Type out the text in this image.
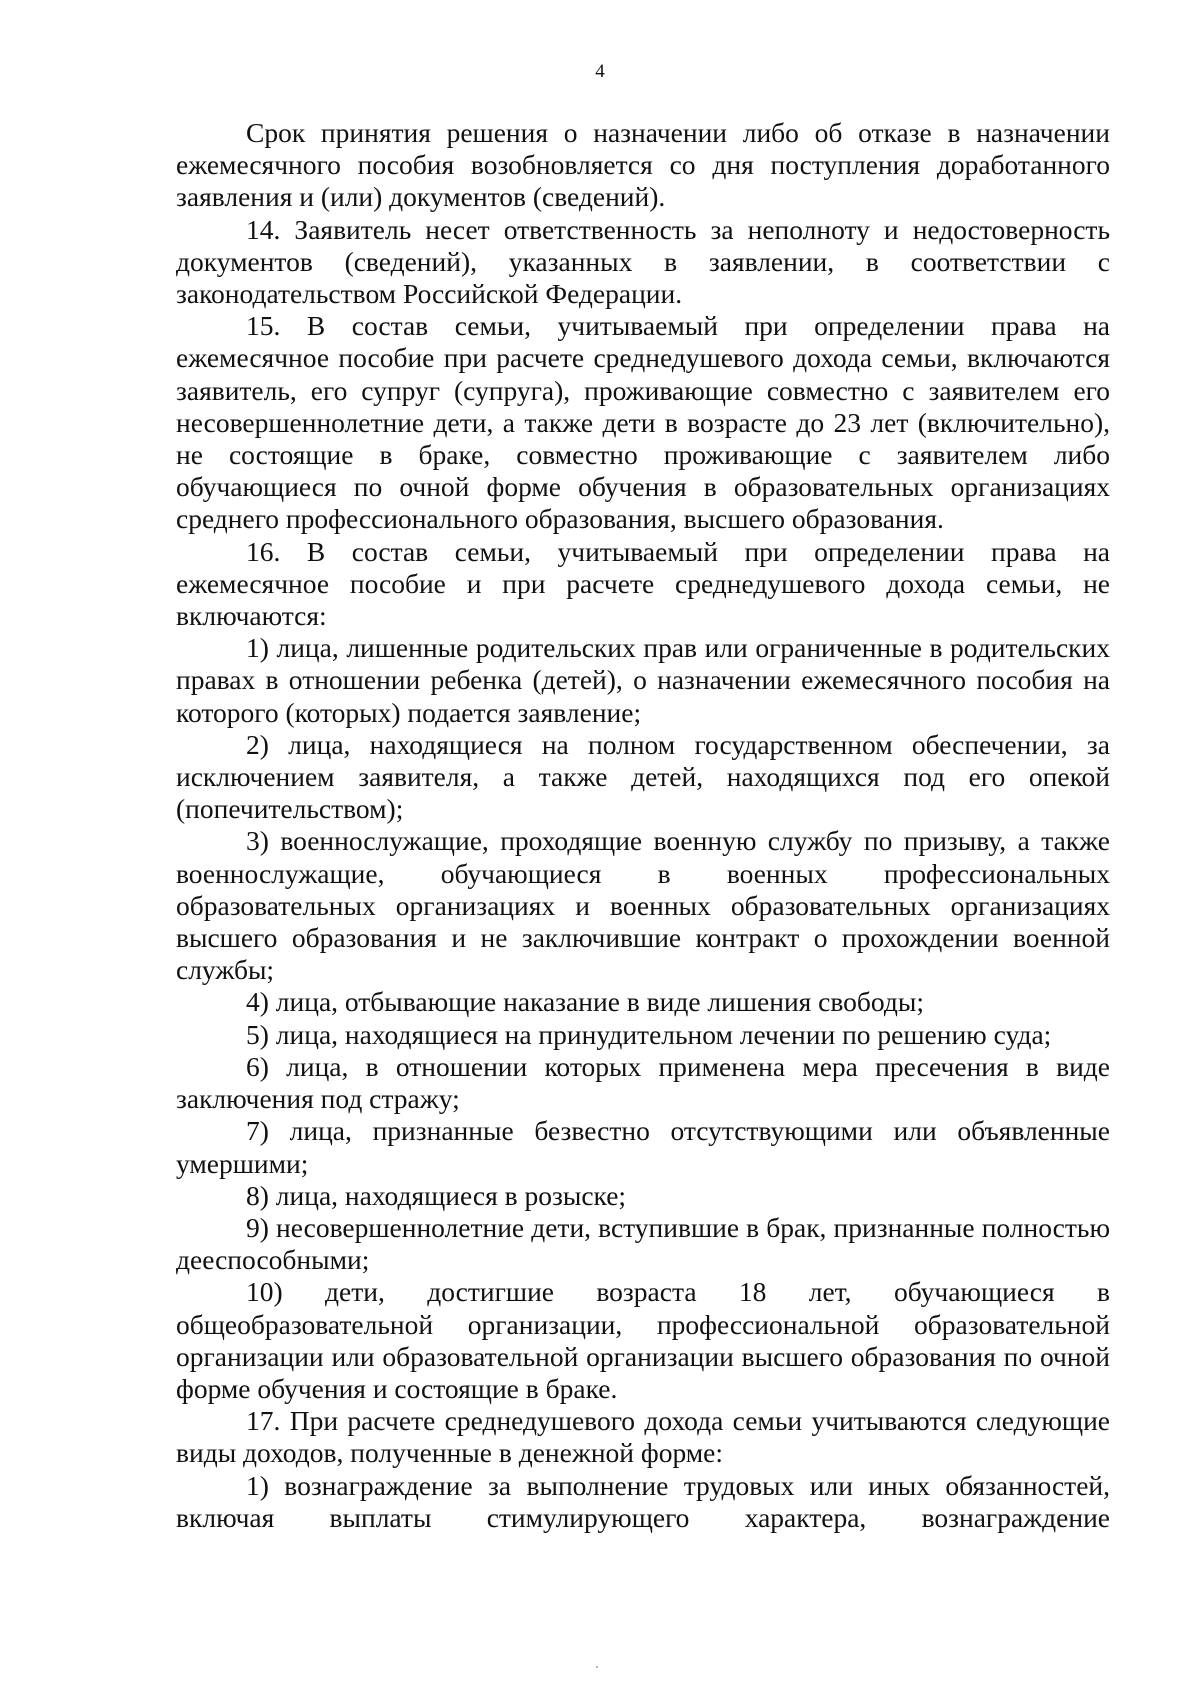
4

Срок принятия решения о назначении либо об отказе в назначении ежемесячного пособия возобновляется со дня поступления доработанного заявления и (или) документов (сведений).

14. Заявитель несет ответственность за неполноту и недостоверность документов (сведений), указанных в заявлении, в соответствии с законодательством Российской Федерации.

15. В состав семьи, учитываемый при определении права на ежемесячное пособие при расчете среднедушевого дохода семьи, включаются заявитель, его супруг (супруга), проживающие совместно с заявителем его несовершеннолетние дети, а также дети в возрасте до 23 лет (включительно), не состоящие в браке, совместно проживающие с заявителем либо обучающиеся по очной форме обучения в образовательных организациях среднего профессионального образования, высшего образования.

16. В состав семьи, учитываемый при определении права на ежемесячное пособие и при расчете среднедушевого дохода семьи, не включаются:

1) лица, лишенные родительских прав или ограниченные в родительских правах в отношении ребенка (детей), о назначении ежемесячного пособия на которого (которых) подается заявление;

2) лица, находящиеся на полном государственном обеспечении, за исключением заявителя, а также детей, находящихся под его опекой (попечительством);

3) военнослужащие, проходящие военную службу по призыву, а также военнослужащие, обучающиеся в военных профессиональных образовательных организациях и военных образовательных организациях высшего образования и не заключившие контракт о прохождении военной службы;

4) лица, отбывающие наказание в виде лишения свободы;

5) лица, находящиеся на принудительном лечении по решению суда;

6) лица, в отношении которых применена мера пресечения в виде заключения под стражу;

7) лица, признанные безвестно отсутствующими или объявленные умершими;

8) лица, находящиеся в розыске;

9) несовершеннолетние дети, вступившие в брак, признанные полностью дееспособными;

10) дети, достигшие возраста 18 лет, обучающиеся в общеобразовательной организации, профессиональной образовательной организации или образовательной организации высшего образования по очной форме обучения и состоящие в браке.

17. При расчете среднедушевого дохода семьи учитываются следующие виды доходов, полученные в денежной форме:

1) вознаграждение за выполнение трудовых или иных обязанностей, включая выплаты стимулирующего характера, вознаграждение
